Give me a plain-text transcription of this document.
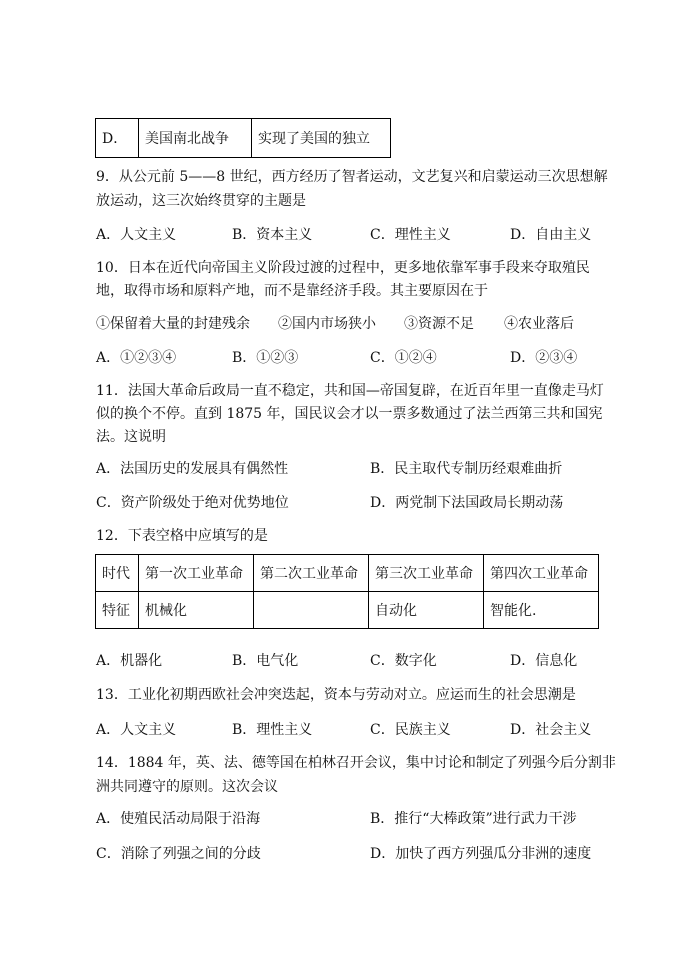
D．	美国南北战争	实现了美国的独立
9．从公元前 5——8 世纪，西方经历了智者运动，文艺复兴和启蒙运动三次思想解
放运动，这三次始终贯穿的主题是
A．人文主义	B．资本主义	C．理性主义	D．自由主义
10．日本在近代向帝国主义阶段过渡的过程中，更多地依靠军事手段来夺取殖民
地，取得市场和原料产地，而不是靠经济手段。其主要原因在于
①保留着大量的封建残余 ②国内市场狭小 ③资源不足 ④农业落后
A．①②③④	B．①②③	C．①②④	D．②③④
11．法国大革命后政局一直不稳定，共和国—帝国复辟，在近百年里一直像走马灯
似的换个不停。直到 1875 年，国民议会才以一票多数通过了法兰西第三共和国宪
法。这说明
A．法国历史的发展具有偶然性	B．民主取代专制历经艰难曲折
C．资产阶级处于绝对优势地位	D．两党制下法国政局长期动荡
12．下表空格中应填写的是
时代	第一次工业革命	第二次工业革命	第三次工业革命	第四次工业革命
特征	机械化		自动化	智能化.
A．机器化	B．电气化	C．数字化	D．信息化
13．工业化初期西欧社会冲突迭起，资本与劳动对立。应运而生的社会思潮是
A．人文主义	B．理性主义	C．民族主义	D．社会主义
14．1884 年，英、法、德等国在柏林召开会议，集中讨论和制定了列强今后分割非
洲共同遵守的原则。这次会议
A．使殖民活动局限于沿海	B．推行“大棒政策”进行武力干涉
C．消除了列强之间的分歧	D．加快了西方列强瓜分非洲的速度
